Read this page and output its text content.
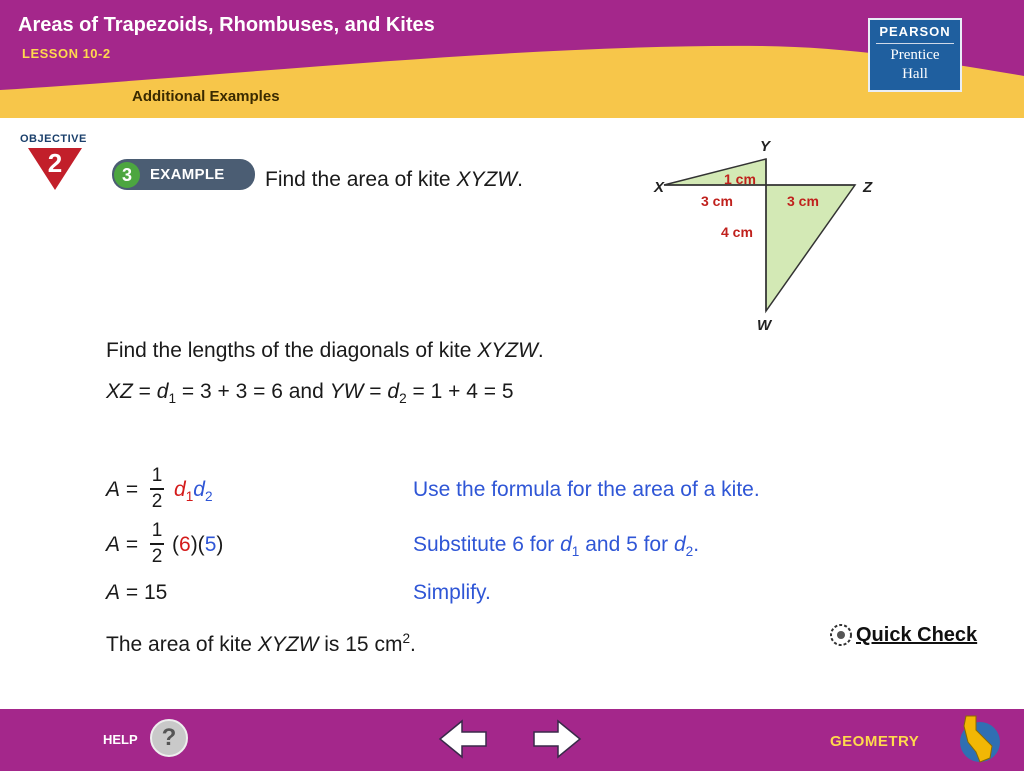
Areas of Trapezoids, Rhombuses, and Kites
LESSON 10-2
Additional Examples
PEARSON
Prentice
Hall
OBJECTIVE
2	3	EXAMPLE Find the area of kite XYZW.
Y
X	Z
W
1 cm
3 cm	3 cm
4 cm
Find the lengths of the diagonals of kite XYZW.
XZ = $d_1 = 3 + 3 = 6$ and YW = $d_2 = 1 + 4 = 5$
A =
1
2 $d_1d_2$	Use the formula for the area of a kite.
A =
1
2 (6)(5)	Substitute 6 for $d_1$ and 5 for $d_2$.
A = 15	Simplify.
The area of kite XYZW is 15 $cm^2$.	Quick Check
HELP ?	GEOMETRY
